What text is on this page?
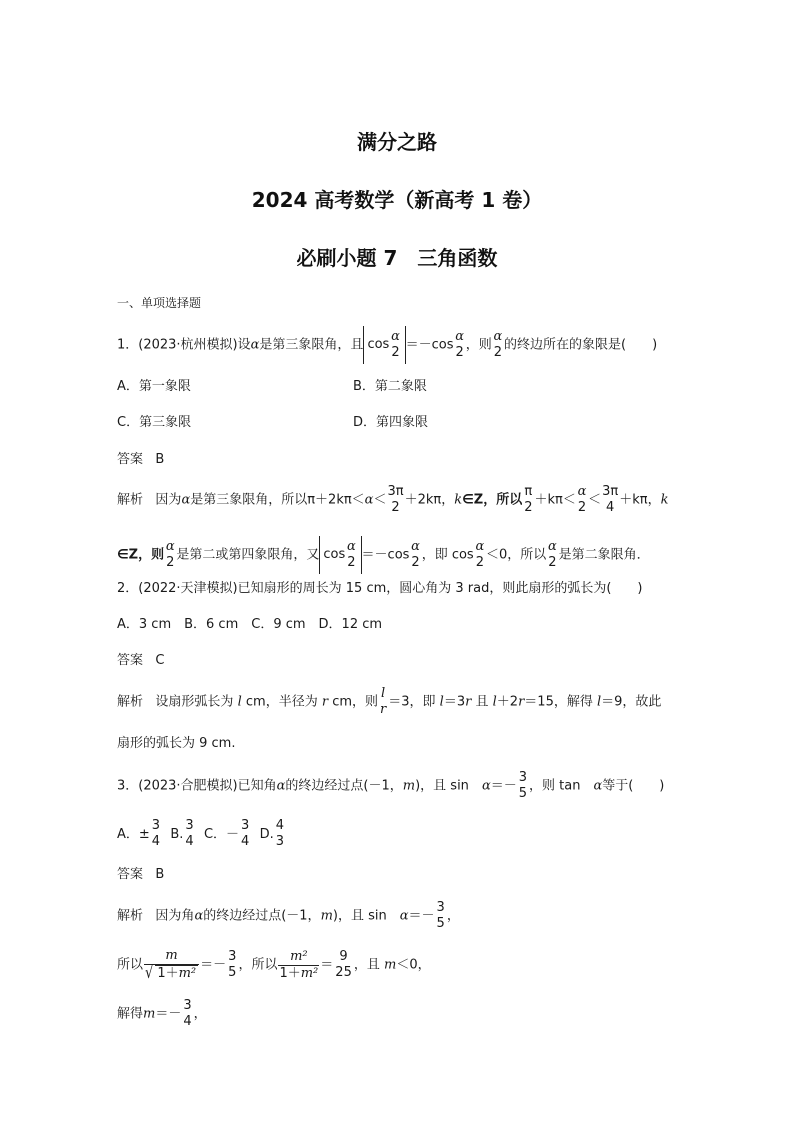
满分之路
2024 高考数学（新高考 1 卷）
必刷小题 7　三角函数
一、单项选择题
1．(2023·杭州模拟)设α是第三象限角，且 cos
α
2 ＝－cos
α
2 ，则
α
2 的终边所在的象限是(　　)
A．第一象限	B．第二象限
C．第三象限	D．第四象限
答案 B
解析 因为α是第三象限角，所以π＋2kπ＜α＜
3π
2 ＋2kπ，k∈Z，所以
π
2 ＋kπ＜
α
2 ＜
3π
4 ＋kπ，k
∈Z，则
α
2 是第二或第四象限角，又 cos
α
2 ＝－cos
α
2 ，即 cos
α
2 ＜0，所以
α
2 是第二象限角．
2．(2022·天津模拟)已知扇形的周长为 15 cm，圆心角为 3 rad，则此扇形的弧长为(　　)
A．3 cm　B．6 cm　C．9 cm　D．12 cm
答案 C
解析 设扇形弧长为 l cm，半径为 r cm，则
l
r ＝3，即 l＝3r 且 l＋2r＝15，解得 l＝9，故此
扇形的弧长为 9 cm.
3．(2023·合肥模拟)已知角α的终边经过点(－1，m)，且 sin　α＝－
3
5 ，则 tan　α等于(　　)
A．±
3
4 B.
3
4 C．－
3
4 D.
4
3
答案 B
解析 因为角α的终边经过点(－1，m)，且 sin　α＝－
3
5 ，
所以 $\frac{m}{\text{√ 1＋m²}}$ ＝－
3
5 ，所以 $\frac{\text{m²}}{\text{1＋m²}}$ ＝
9
25 ，且 m＜0，
解得m＝－
3
4 ，
